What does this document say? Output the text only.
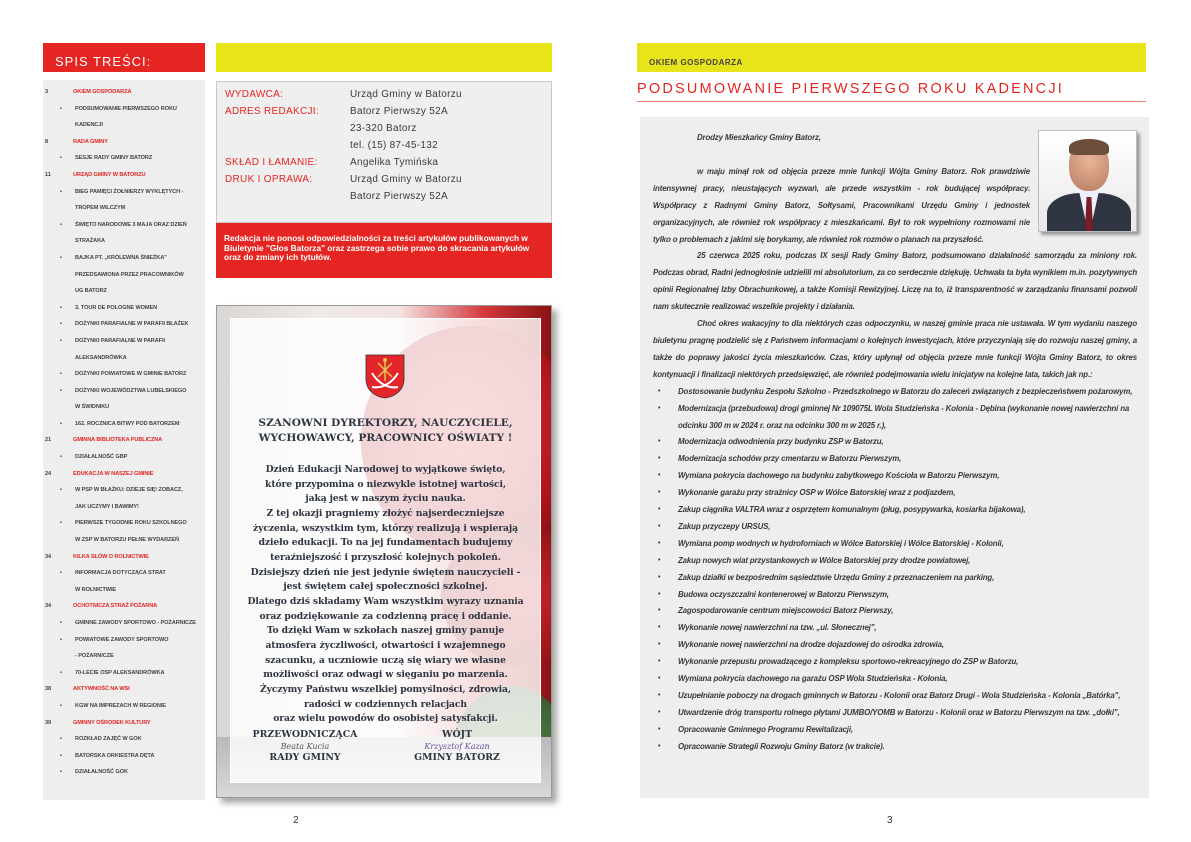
SPIS TREŚCI:
3	OKIEM GOSPODARZA
• PODSUMOWANIE PIERWSZEGO ROKU
KADENCJI
8	RADA GMINY
• SESJE RADY GMINY BATORZ
11	URZĄD GMINY W BATORZU
• BIEG PAMIĘCI ŻOŁNIERZY WYKLĘTYCH -
TROPEM WILCZYM
• ŚWIĘTO NARODOWE 3 MAJA ORAZ DZIEŃ
STRAŻAKA
• BAJKA PT. „KRÓLEWNA ŚNIEŻKA"
PRZEDSAWIONA PRZEZ PRACOWNIKÓW
UG BATORZ
• 3. TOUR DE POLOGNE WOMEN
• DOŻYNKI PARAFIALNE W PARAFII BŁAŻEK
• DOŻYNKI PARAFIALNE W PARAFII
ALEKSANDRÓWKA
• DOŻYNKI POWIATOWE W GMINIE BATORZ
• DOŻYNKI WOJEWÓDZTWA LUBELSKIEGO
W ŚWIDNIKU
• 162. ROCZNICA BITWY POD BATORZEM
21	GMINNA BIBLIOTEKA PUBLICZNA
• DZIAŁALNOŚĆ GBP
24	EDUKACJA W NASZEJ GMINIE
• W PSP W BŁAŻKU: DZIEJE SIĘ! ZOBACZ,
JAK UCZYMY I BAWIMY!
• PIERWSZE TYGODNIE ROKU SZKOLNEGO
W ZSP W BATORZU PEŁNE WYDARZEŃ
34	KILKA SŁÓW O ROLNICTWIE
• INFORMACJA DOTYCZĄCA STRAT
W ROLNICTWIE
34	OCHOTNICZA STRAŻ POŻARNA
• GMINNE ZAWODY SPORTOWO - POŻARNICZE
• POWIATOWE ZAWODY SPORTOWO
- POŻARNICZE
• 70-LECIE OSP ALEKSANDRÓWKA
38	AKTYWNOŚĆ NA WSI
• KGW NA IMPREZACH W REGIONIE
39	GMINNY OŚRODEK KULTURY
• ROZKŁAD ZAJĘĆ W GOK
• BATORSKA ORKIESTRA DĘTA
• DZIAŁALNOŚĆ GOK
WYDAWCA:	Urząd Gminy w Batorzu
ADRES REDAKCJI:	Batorz Pierwszy 52A
23-320 Batorz
tel. (15) 87-45-132
SKŁAD I ŁAMANIE:	Angelika Tymińska
DRUK I OPRAWA:	Urząd Gminy w Batorzu
Batorz Pierwszy 52A
Redakcja nie ponosi odpowiedzialności za treści artykułów publikowanych w Biuletynie "Głos Batorza" oraz zastrzega sobie prawo do skracania artykułów oraz do zmiany ich tytułów.
SZANOWNI DYREKTORZY, NAUCZYCIELE,
WYCHOWAWCY, PRACOWNICY OŚWIATY !
Dzień Edukacji Narodowej to wyjątkowe święto,
które przypomina o niezwykle istotnej wartości,
jaką jest w naszym życiu nauka.
Z tej okazji pragniemy złożyć najserdeczniejsze
życzenia, wszystkim tym, którzy realizują i wspierają
dzieło edukacji. To na jej fundamentach budujemy
teraźniejszość i przyszłość kolejnych pokoleń.
Dzisiejszy dzień nie jest jedynie świętem nauczycieli -
jest świętem całej społeczności szkolnej.
Dlatego dziś składamy Wam wszystkim wyrazy uznania
oraz podziękowanie za codzienną pracę i oddanie.
To dzięki Wam w szkołach naszej gminy panuje
atmosfera życzliwości, otwartości i wzajemnego
szacunku, a uczniowie uczą się wiary we własne
możliwości oraz odwagi w sięganiu po marzenia.
Życzymy Państwu wszelkiej pomyślności, zdrowia,
radości w codziennych relacjach
oraz wielu powodów do osobistej satysfakcji.
PRZEWODNICZĄCA
Beata Kucia
RADY GMINY
WÓJT
Krzysztof Kazan
GMINY BATORZ
2	3
OKIEM GOSPODARZA
PODSUMOWANIE PIERWSZEGO ROKU KADENCJI
Drodzy Mieszkańcy Gminy Batorz,

w maju minął rok od objęcia przeze mnie funkcji Wójta Gminy Batorz. Rok prawdziwie intensywnej pracy, nieustających wyzwań, ale przede wszystkim - rok budującej współpracy. Współpracy z Radnymi Gminy Batorz, Sołtysami, Pracownikami Urzędu Gminy i jednostek organizacyjnych, ale również rok współpracy z mieszkańcami. Był to rok wypełniony rozmowami nie tylko o problemach z jakimi się borykamy, ale również rok rozmów o planach na przyszłość.

25 czerwca 2025 roku, podczas IX sesji Rady Gminy Batorz, podsumowano działalność samorządu za miniony rok. Podczas obrad, Radni jednogłośnie udzielili mi absolutorium, za co serdecznie dziękuję. Uchwała ta była wynikiem m.in. pozytywnych opinii Regionalnej Izby Obrachunkowej, a także Komisji Rewizyjnej. Liczę na to, iż transparentność w zarządzaniu finansami pozwoli nam skutecznie realizować wszelkie projekty i działania.

Choć okres wakacyjny to dla niektórych czas odpoczynku, w naszej gminie praca nie ustawała. W tym wydaniu naszego biuletynu pragnę podzielić się z Państwem informacjami o kolejnych inwestycjach, które przyczyniają się do rozwoju naszej gminy, a także do poprawy jakości życia mieszkańców. Czas, który upłynął od objęcia przeze mnie funkcji Wójta Gminy Batorz, to okres kontynuacji i finalizacji niektórych przedsięwzięć, ale również podejmowania wielu inicjatyw na kolejne lata, takich jak np.:

• Dostosowanie budynku Zespołu Szkolno - Przedszkolnego w Batorzu do zaleceń związanych z bezpieczeństwem pożarowym,
• Modernizacja (przebudowa) drogi gminnej Nr 109075L Wola Studzieńska - Kolonia - Dębina (wykonanie nowej nawierzchni na odcinku 300 m w 2024 r. oraz na odcinku 300 m w 2025 r.),
• Modernizacja odwodnienia przy budynku ZSP w Batorzu,
• Modernizacja schodów przy cmentarzu w Batorzu Pierwszym,
• Wymiana pokrycia dachowego na budynku zabytkowego Kościoła w Batorzu Pierwszym,
• Wykonanie garażu przy strażnicy OSP w Wólce Batorskiej wraz z podjazdem,
• Zakup ciągnika VALTRA wraz z osprzętem komunalnym (pług, posypywarka, kosiarka bijakowa),
• Zakup przyczepy URSUS,
• Wymiana pomp wodnych w hydroforniach w Wólce Batorskiej i Wólce Batorskiej - Kolonii,
• Zakup nowych wiat przystankowych w Wólce Batorskiej przy drodze powiatowej,
• Zakup działki w bezpośrednim sąsiedztwie Urzędu Gminy z przeznaczeniem na parking,
• Budowa oczyszczalni kontenerowej w Batorzu Pierwszym,
• Zagospodarowanie centrum miejscowości Batorz Pierwszy,
• Wykonanie nowej nawierzchni na tzw. „ul. Słonecznej",
• Wykonanie nowej nawierzchni na drodze dojazdowej do ośrodka zdrowia,
• Wykonanie przepustu prowadzącego z kompleksu sportowo-rekreacyjnego do ZSP w Batorzu,
• Wymiana pokrycia dachowego na garażu OSP Wola Studzieńska - Kolonia,
• Uzupełnianie poboczy na drogach gminnych w Batorzu - Kolonii oraz Batorz Drugi - Wola Studzieńska - Kolonia „Batórka",
• Utwardzenie dróg transportu rolnego płytami JUMBO/YOMB w Batorzu - Kolonii oraz w Batorzu Pierwszym na tzw. „dołki",
• Opracowanie Gminnego Programu Rewitalizacji,
• Opracowanie Strategii Rozwoju Gminy Batorz (w trakcie).
